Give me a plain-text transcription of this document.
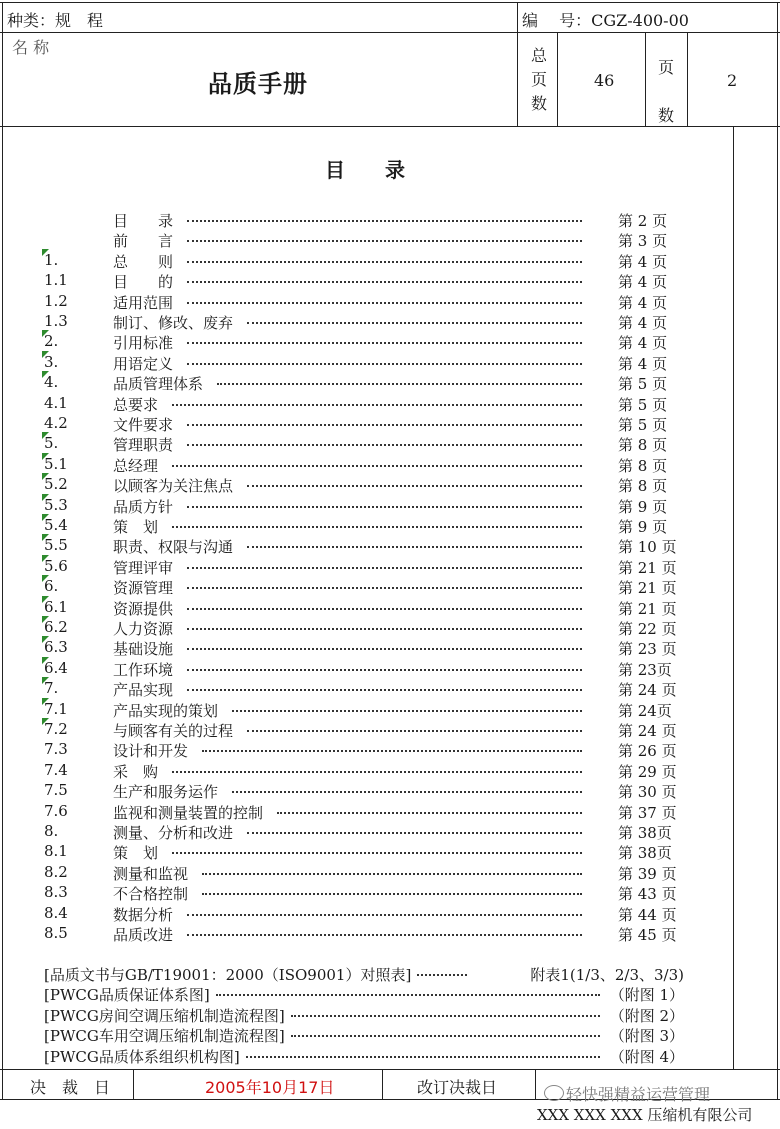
种类：规　程	编　 号：CGZ-400-00
名 称
品质手册
总
页
数
46
页
数
2
目　　录
目　　录	第 2 页
前　　言	第 3 页
1.	总　　则	第 4 页
1.1	目　　的	第 4 页
1.2	适用范围	第 4 页
1.3	制订、修改、废弃	第 4 页
2.	引用标准	第 4 页
3.	用语定义	第 4 页
4.	品质管理体系	第 5 页
4.1	总要求	第 5 页
4.2	文件要求	第 5 页
5.	管理职责	第 8 页
5.1	总经理	第 8 页
5.2	以顾客为关注焦点	第 8 页
5.3	品质方针	第 9 页
5.4	策　划	第 9 页
5.5	职责、权限与沟通	第 10 页
5.6	管理评审	第 21 页
6.	资源管理	第 21 页
6.1	资源提供	第 21 页
6.2	人力资源	第 22 页
6.3	基础设施	第 23 页
6.4	工作环境	第 23页
7.	产品实现	第 24 页
7.1	产品实现的策划	第 24页
7.2	与顾客有关的过程	第 24 页
7.3	设计和开发	第 26 页
7.4	采　购	第 29 页
7.5	生产和服务运作	第 30 页
7.6	监视和测量装置的控制	第 37 页
8.	测量、分析和改进	第 38页
8.1	策　划	第 38页
8.2	测量和监视	第 39 页
8.3	不合格控制	第 43 页
8.4	数据分析	第 44 页
8.5	品质改进	第 45 页
[品质文书与GB/T19001：2000（ISO9001）对照表]	附表1(1/3、2/3、3/3)
[PWCG品质保证体系图]	（附图 1）
[PWCG房间空调压缩机制造流程图]	（附图 2）
[PWCG车用空调压缩机制造流程图]	（附图 3）
[PWCG品质体系组织机构图]	（附图 4）
决　裁　日	2005年10月17日	改订决裁日	轻快强精益运营管理
XXX XXX XXX 压缩机有限公司
